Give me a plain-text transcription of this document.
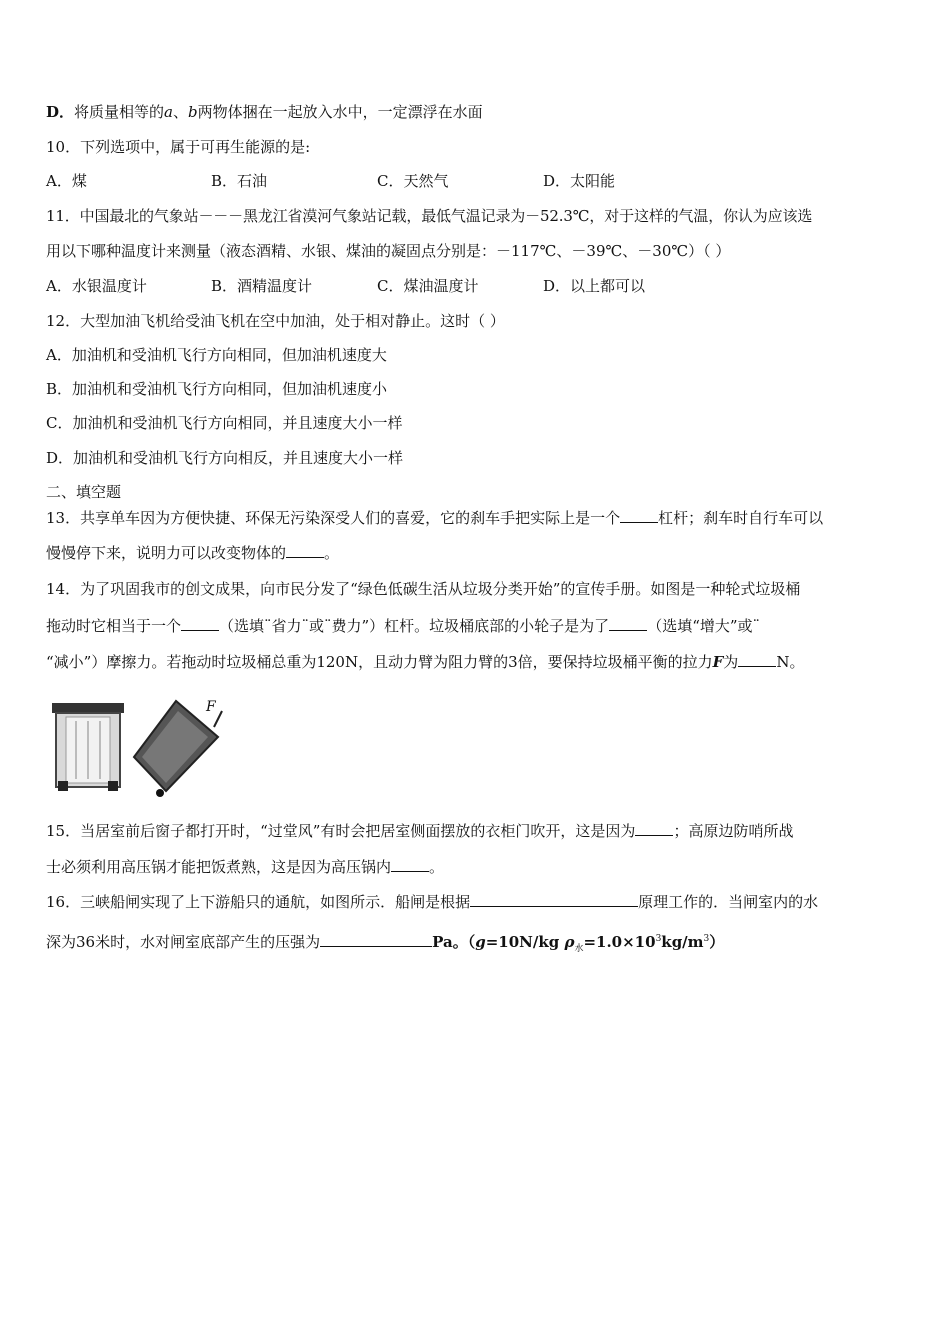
D．将质量相等的a、b两物体捆在一起放入水中，一定漂浮在水面
10．下列选项中，属于可再生能源的是:
A．煤	B．石油	C．天然气	D．太阳能
11．中国最北的气象站－－－黑龙江省漠河气象站记载，最低气温记录为－52.3℃，对于这样的气温，你认为应该选
用以下哪种温度计来测量（液态酒精、水银、煤油的凝固点分别是：－117℃、－39℃、－30℃）（ ）
A．水银温度计	B．酒精温度计	C．煤油温度计	D．以上都可以
12．大型加油飞机给受油飞机在空中加油，处于相对静止。这时（ ）
A．加油机和受油机飞行方向相同，但加油机速度大
B．加油机和受油机飞行方向相同，但加油机速度小
C．加油机和受油机飞行方向相同，并且速度大小一样
D．加油机和受油机飞行方向相反，并且速度大小一样
二、填空题
13．共享单车因为方便快捷、环保无污染深受人们的喜爱，它的刹车手把实际上是一个	杠杆；刹车时自行车可以
慢慢停下来，说明力可以改变物体的	。
14．为了巩固我市的创文成果，向市民分发了“绿色低碳生活从垃圾分类开始”的宣传手册。如图是一种轮式垃圾桶
拖动时它相当于一个	（选填¨省力¨或¨费力”）杠杆。垃圾桶底部的小轮子是为了	（选填“增大”或¨
“减小”）摩擦力。若拖动时垃圾桶总重为120N，且动力臂为阻力臂的3倍，要保持垃圾桶平衡的拉力F为	N。
F
15．当居室前后窗子都打开时，“过堂风”有时会把居室侧面摆放的衣柜门吹开，这是因为	；高原边防哨所战
士必须利用高压锅才能把饭煮熟，这是因为高压锅内	。
16．三峡船闸实现了上下游船只的通航，如图所示．船闸是根据	原理工作的．当闸室内的水
深为36米时，水对闸室底部产生的压强为	Pa。（g=10N/kg $\rho_水=1.0\times 10^3kg/m^3$）
